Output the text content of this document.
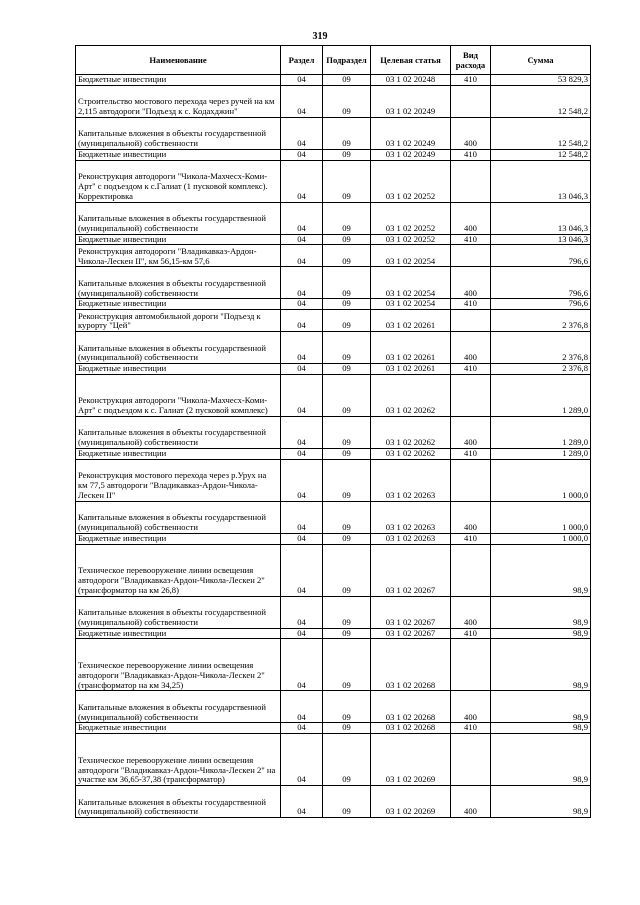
319
Наименование	Раздел	Подраздел	Целевая статья	Вид расхода	Сумма
Бюджетные инвестиции	04	09	03 1 02 20248	410	53 829,3
Строительство мостового перехода через ручей на км 2,115 автодороги "Подъезд к с. Кодахджин"	04	09	03 1 02 20249		12 548,2
Капитальные вложения в объекты государственной (муниципальной) собственности	04	09	03 1 02 20249	400	12 548,2
Бюджетные инвестиции	04	09	03 1 02 20249	410	12 548,2
Реконструкция автодороги "Чикола-Махчесх-Коми-Арт" с подъездом к с.Галиат (1 пусковой комплекс). Корректировка	04	09	03 1 02 20252		13 046,3
Капитальные вложения в объекты государственной (муниципальной) собственности	04	09	03 1 02 20252	400	13 046,3
Бюджетные инвестиции	04	09	03 1 02 20252	410	13 046,3
Реконструкция автодороги "Владикавказ-Ардон-Чикола-Лескен II", км 56,15-км 57,6	04	09	03 1 02 20254		796,6
Капитальные вложения в объекты государственной (муниципальной) собственности	04	09	03 1 02 20254	400	796,6
Бюджетные инвестиции	04	09	03 1 02 20254	410	796,6
Реконструкция автомобильной дороги "Подъезд к курорту "Цей"	04	09	03 1 02 20261		2 376,8
Капитальные вложения в объекты государственной (муниципальной) собственности	04	09	03 1 02 20261	400	2 376,8
Бюджетные инвестиции	04	09	03 1 02 20261	410	2 376,8
Реконструкция автодороги "Чикола-Махчесх-Коми-Арт" с подъездом к с. Галиат (2 пусковой комплекс)	04	09	03 1 02 20262		1 289,0
Капитальные вложения в объекты государственной (муниципальной) собственности	04	09	03 1 02 20262	400	1 289,0
Бюджетные инвестиции	04	09	03 1 02 20262	410	1 289,0
Реконструкция мостового перехода через р.Урух на км 77,5 автодороги "Владикавказ-Ардон-Чикола-Лескен II"	04	09	03 1 02 20263		1 000,0
Капитальные вложения в объекты государственной (муниципальной) собственности	04	09	03 1 02 20263	400	1 000,0
Бюджетные инвестиции	04	09	03 1 02 20263	410	1 000,0
Техническое перевооружение линии освещения автодороги "Владикавказ-Ардон-Чикола-Лескен 2" (трансформатор на км 26,8)	04	09	03 1 02 20267		98,9
Капитальные вложения в объекты государственной (муниципальной) собственности	04	09	03 1 02 20267	400	98,9
Бюджетные инвестиции	04	09	03 1 02 20267	410	98,9
Техническое перевооружение линии освещения автодороги "Владикавказ-Ардон-Чикола-Лескен 2" (трансформатор на км 34,25)	04	09	03 1 02 20268		98,9
Капитальные вложения в объекты государственной (муниципальной) собственности	04	09	03 1 02 20268	400	98,9
Бюджетные инвестиции	04	09	03 1 02 20268	410	98,9
Техническое перевооружение линии освещения автодороги "Владикавказ-Ардон-Чикола-Лескен 2" на участке км 36,65-37,38 (трансформатор)	04	09	03 1 02 20269		98,9
Капитальные вложения в объекты государственной (муниципальной) собственности	04	09	03 1 02 20269	400	98,9
